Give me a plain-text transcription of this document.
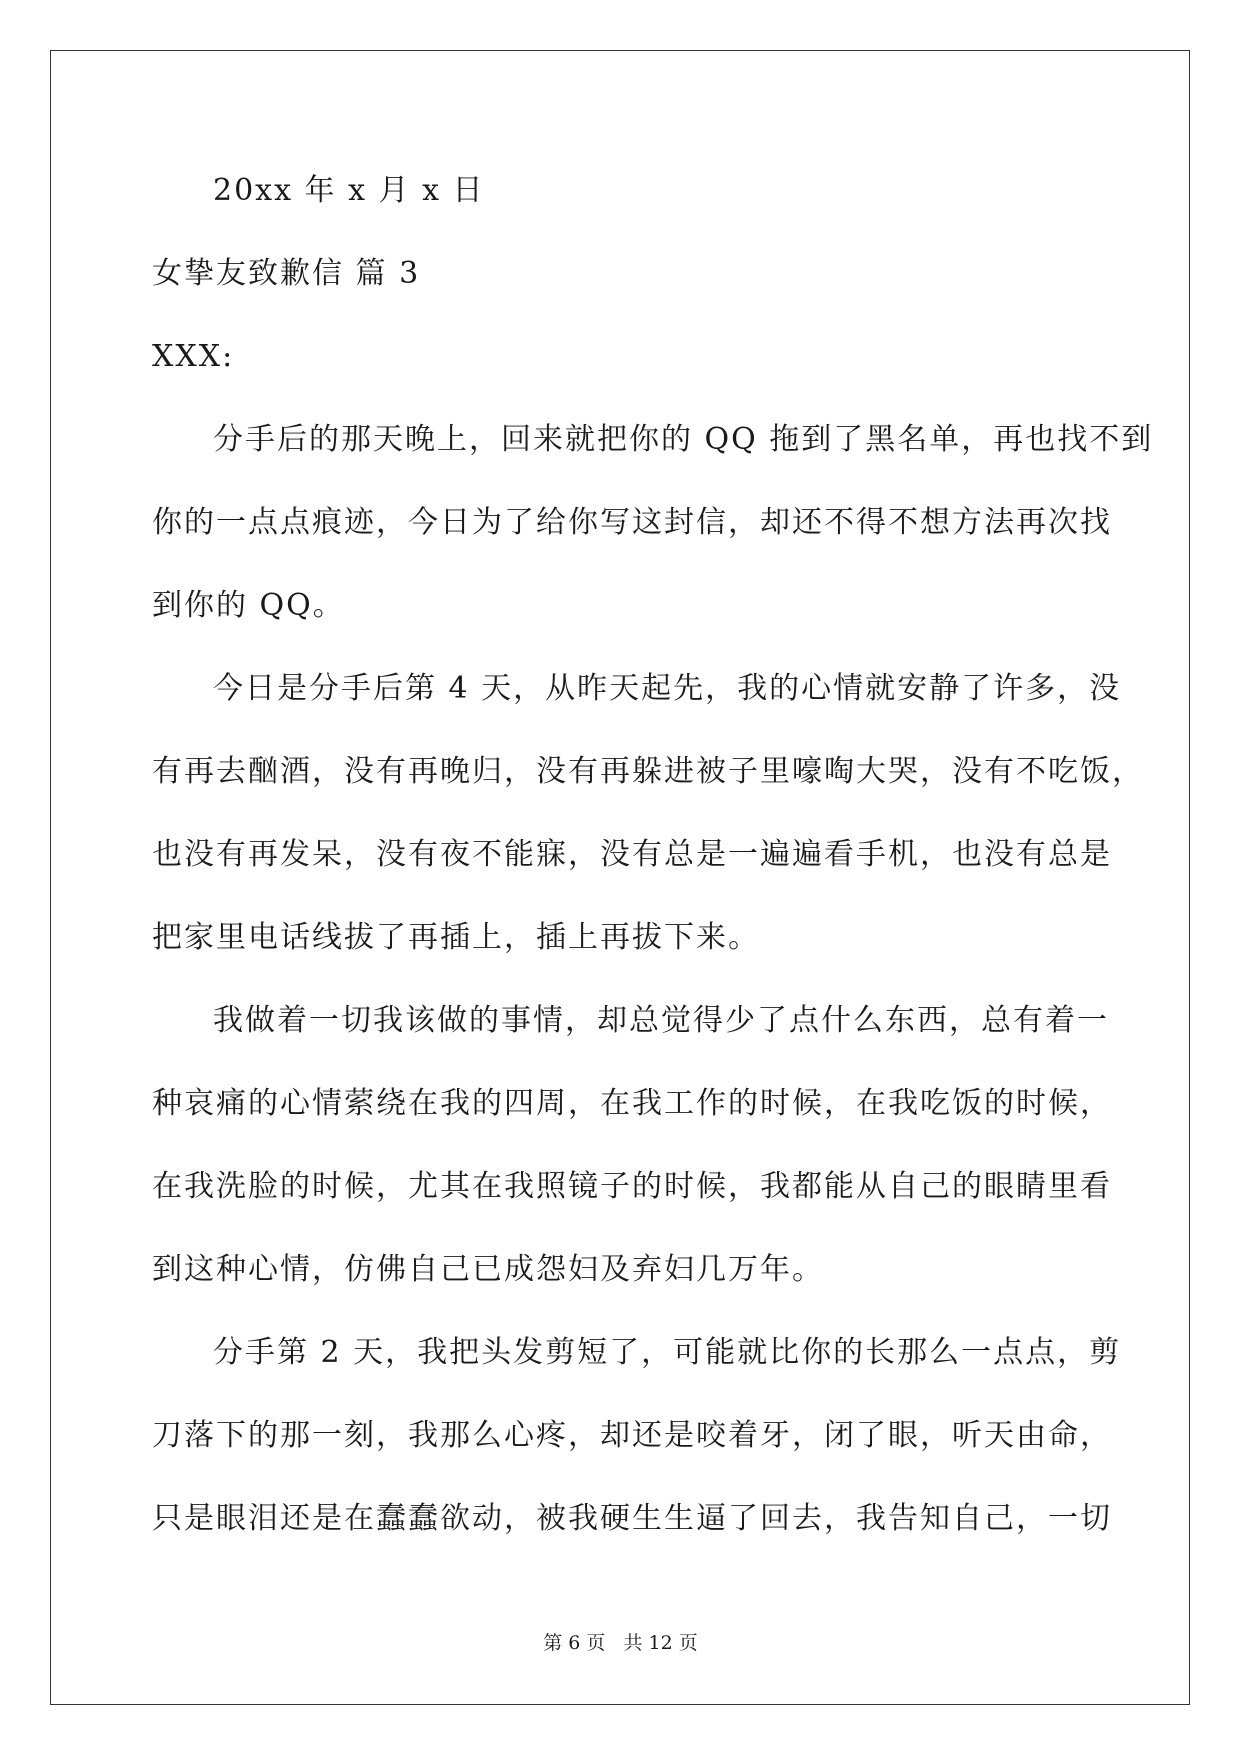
20xx 年 x 月 x 日
女挚友致歉信 篇 3
XXX:
分手后的那天晚上，回来就把你的 QQ 拖到了黑名单，再也找不到
你的一点点痕迹，今日为了给你写这封信，却还不得不想方法再次找
到你的 QQ。
今日是分手后第 4 天，从昨天起先，我的心情就安静了许多，没
有再去酗酒，没有再晚归，没有再躲进被子里嚎啕大哭，没有不吃饭，
也没有再发呆，没有夜不能寐，没有总是一遍遍看手机，也没有总是
把家里电话线拔了再插上，插上再拔下来。
我做着一切我该做的事情，却总觉得少了点什么东西，总有着一
种哀痛的心情萦绕在我的四周，在我工作的时候，在我吃饭的时候，
在我洗脸的时候，尤其在我照镜子的时候，我都能从自己的眼睛里看
到这种心情，仿佛自己已成怨妇及弃妇几万年。
分手第 2 天，我把头发剪短了，可能就比你的长那么一点点，剪
刀落下的那一刻，我那么心疼，却还是咬着牙，闭了眼，听天由命，
只是眼泪还是在蠢蠢欲动，被我硬生生逼了回去，我告知自己，一切
第 6 页 共 12 页
